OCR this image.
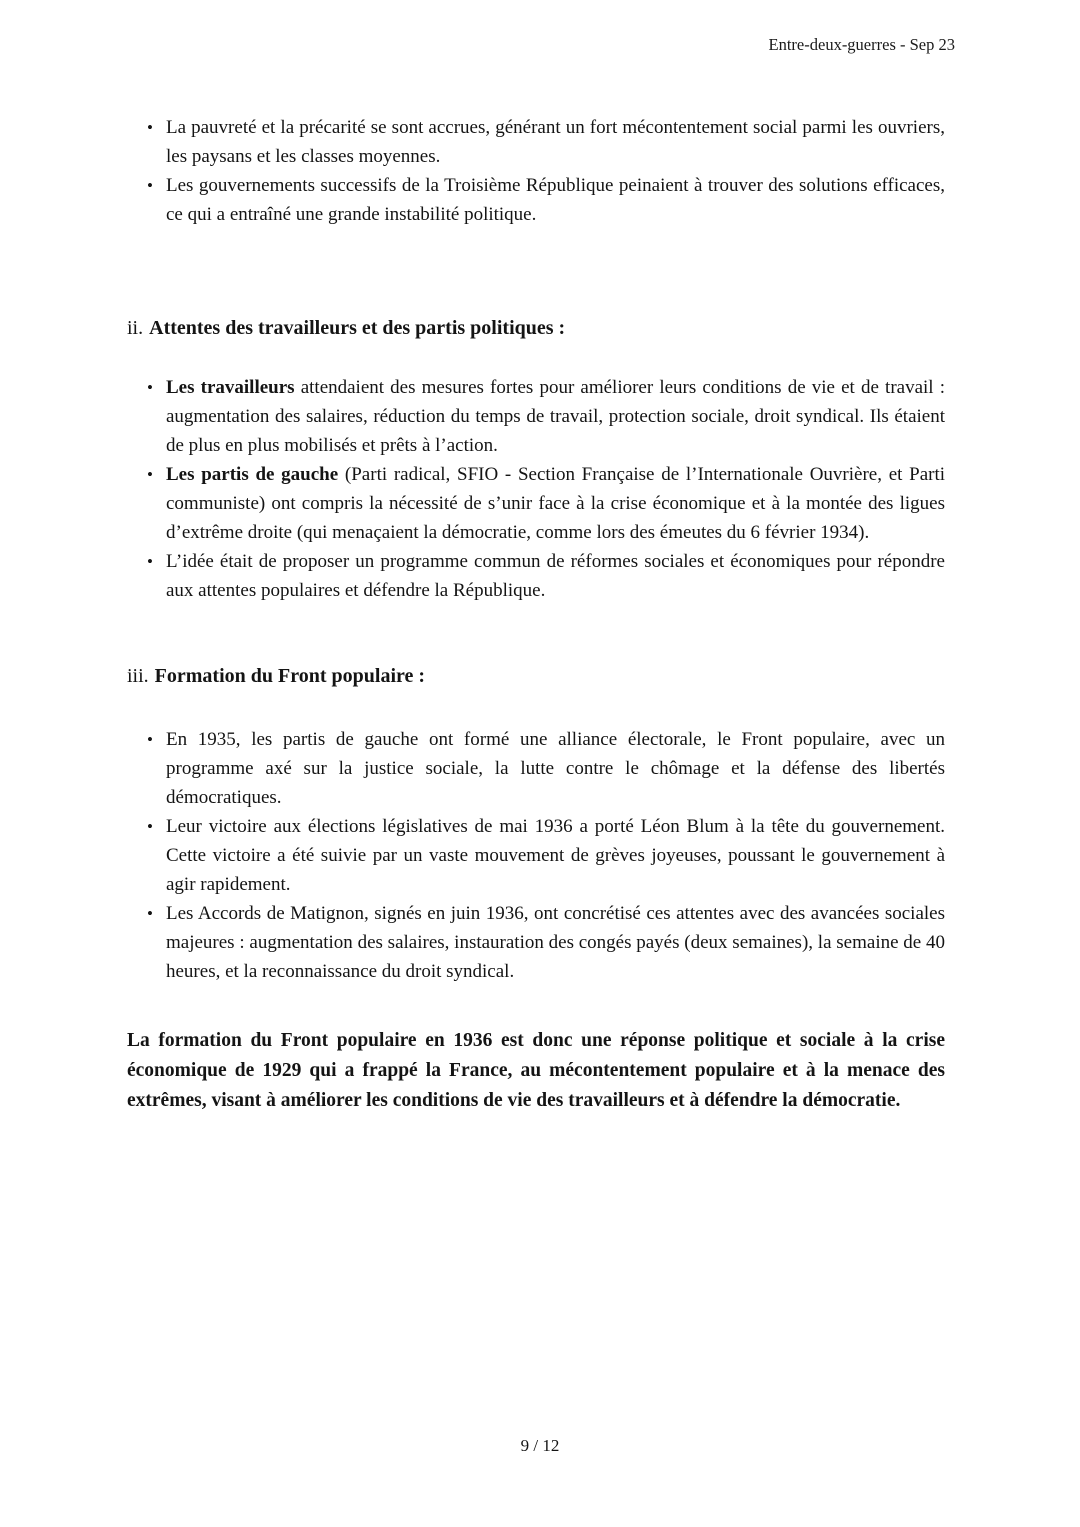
Entre-deux-guerres - Sep 23
• La pauvreté et la précarité se sont accrues, générant un fort mécontentement social parmi les ouvriers, les paysans et les classes moyennes.
• Les gouvernements successifs de la Troisième République peinaient à trouver des solutions efficaces, ce qui a entraîné une grande instabilité politique.
ii. Attentes des travailleurs et des partis politiques :
• Les travailleurs attendaient des mesures fortes pour améliorer leurs conditions de vie et de travail : augmentation des salaires, réduction du temps de travail, protection sociale, droit syndical. Ils étaient de plus en plus mobilisés et prêts à l’action.
• Les partis de gauche (Parti radical, SFIO - Section Française de l’Internationale Ouvrière, et Parti communiste) ont compris la nécessité de s’unir face à la crise économique et à la montée des ligues d’extrême droite (qui menaçaient la démocratie, comme lors des émeutes du 6 février 1934).
• L’idée était de proposer un programme commun de réformes sociales et économiques pour répondre aux attentes populaires et défendre la République.
iii. Formation du Front populaire :
• En 1935, les partis de gauche ont formé une alliance électorale, le Front populaire, avec un programme axé sur la justice sociale, la lutte contre le chômage et la défense des libertés démocratiques.
• Leur victoire aux élections législatives de mai 1936 a porté Léon Blum à la tête du gouvernement. Cette victoire a été suivie par un vaste mouvement de grèves joyeuses, poussant le gouvernement à agir rapidement.
• Les Accords de Matignon, signés en juin 1936, ont concrétisé ces attentes avec des avancées sociales majeures : augmentation des salaires, instauration des congés payés (deux semaines), la semaine de 40 heures, et la reconnaissance du droit syndical.

La formation du Front populaire en 1936 est donc une réponse politique et sociale à la crise économique de 1929 qui a frappé la France, au mécontentement populaire et à la menace des extrêmes, visant à améliorer les conditions de vie des travailleurs et à défendre la démocratie.

9 / 12
